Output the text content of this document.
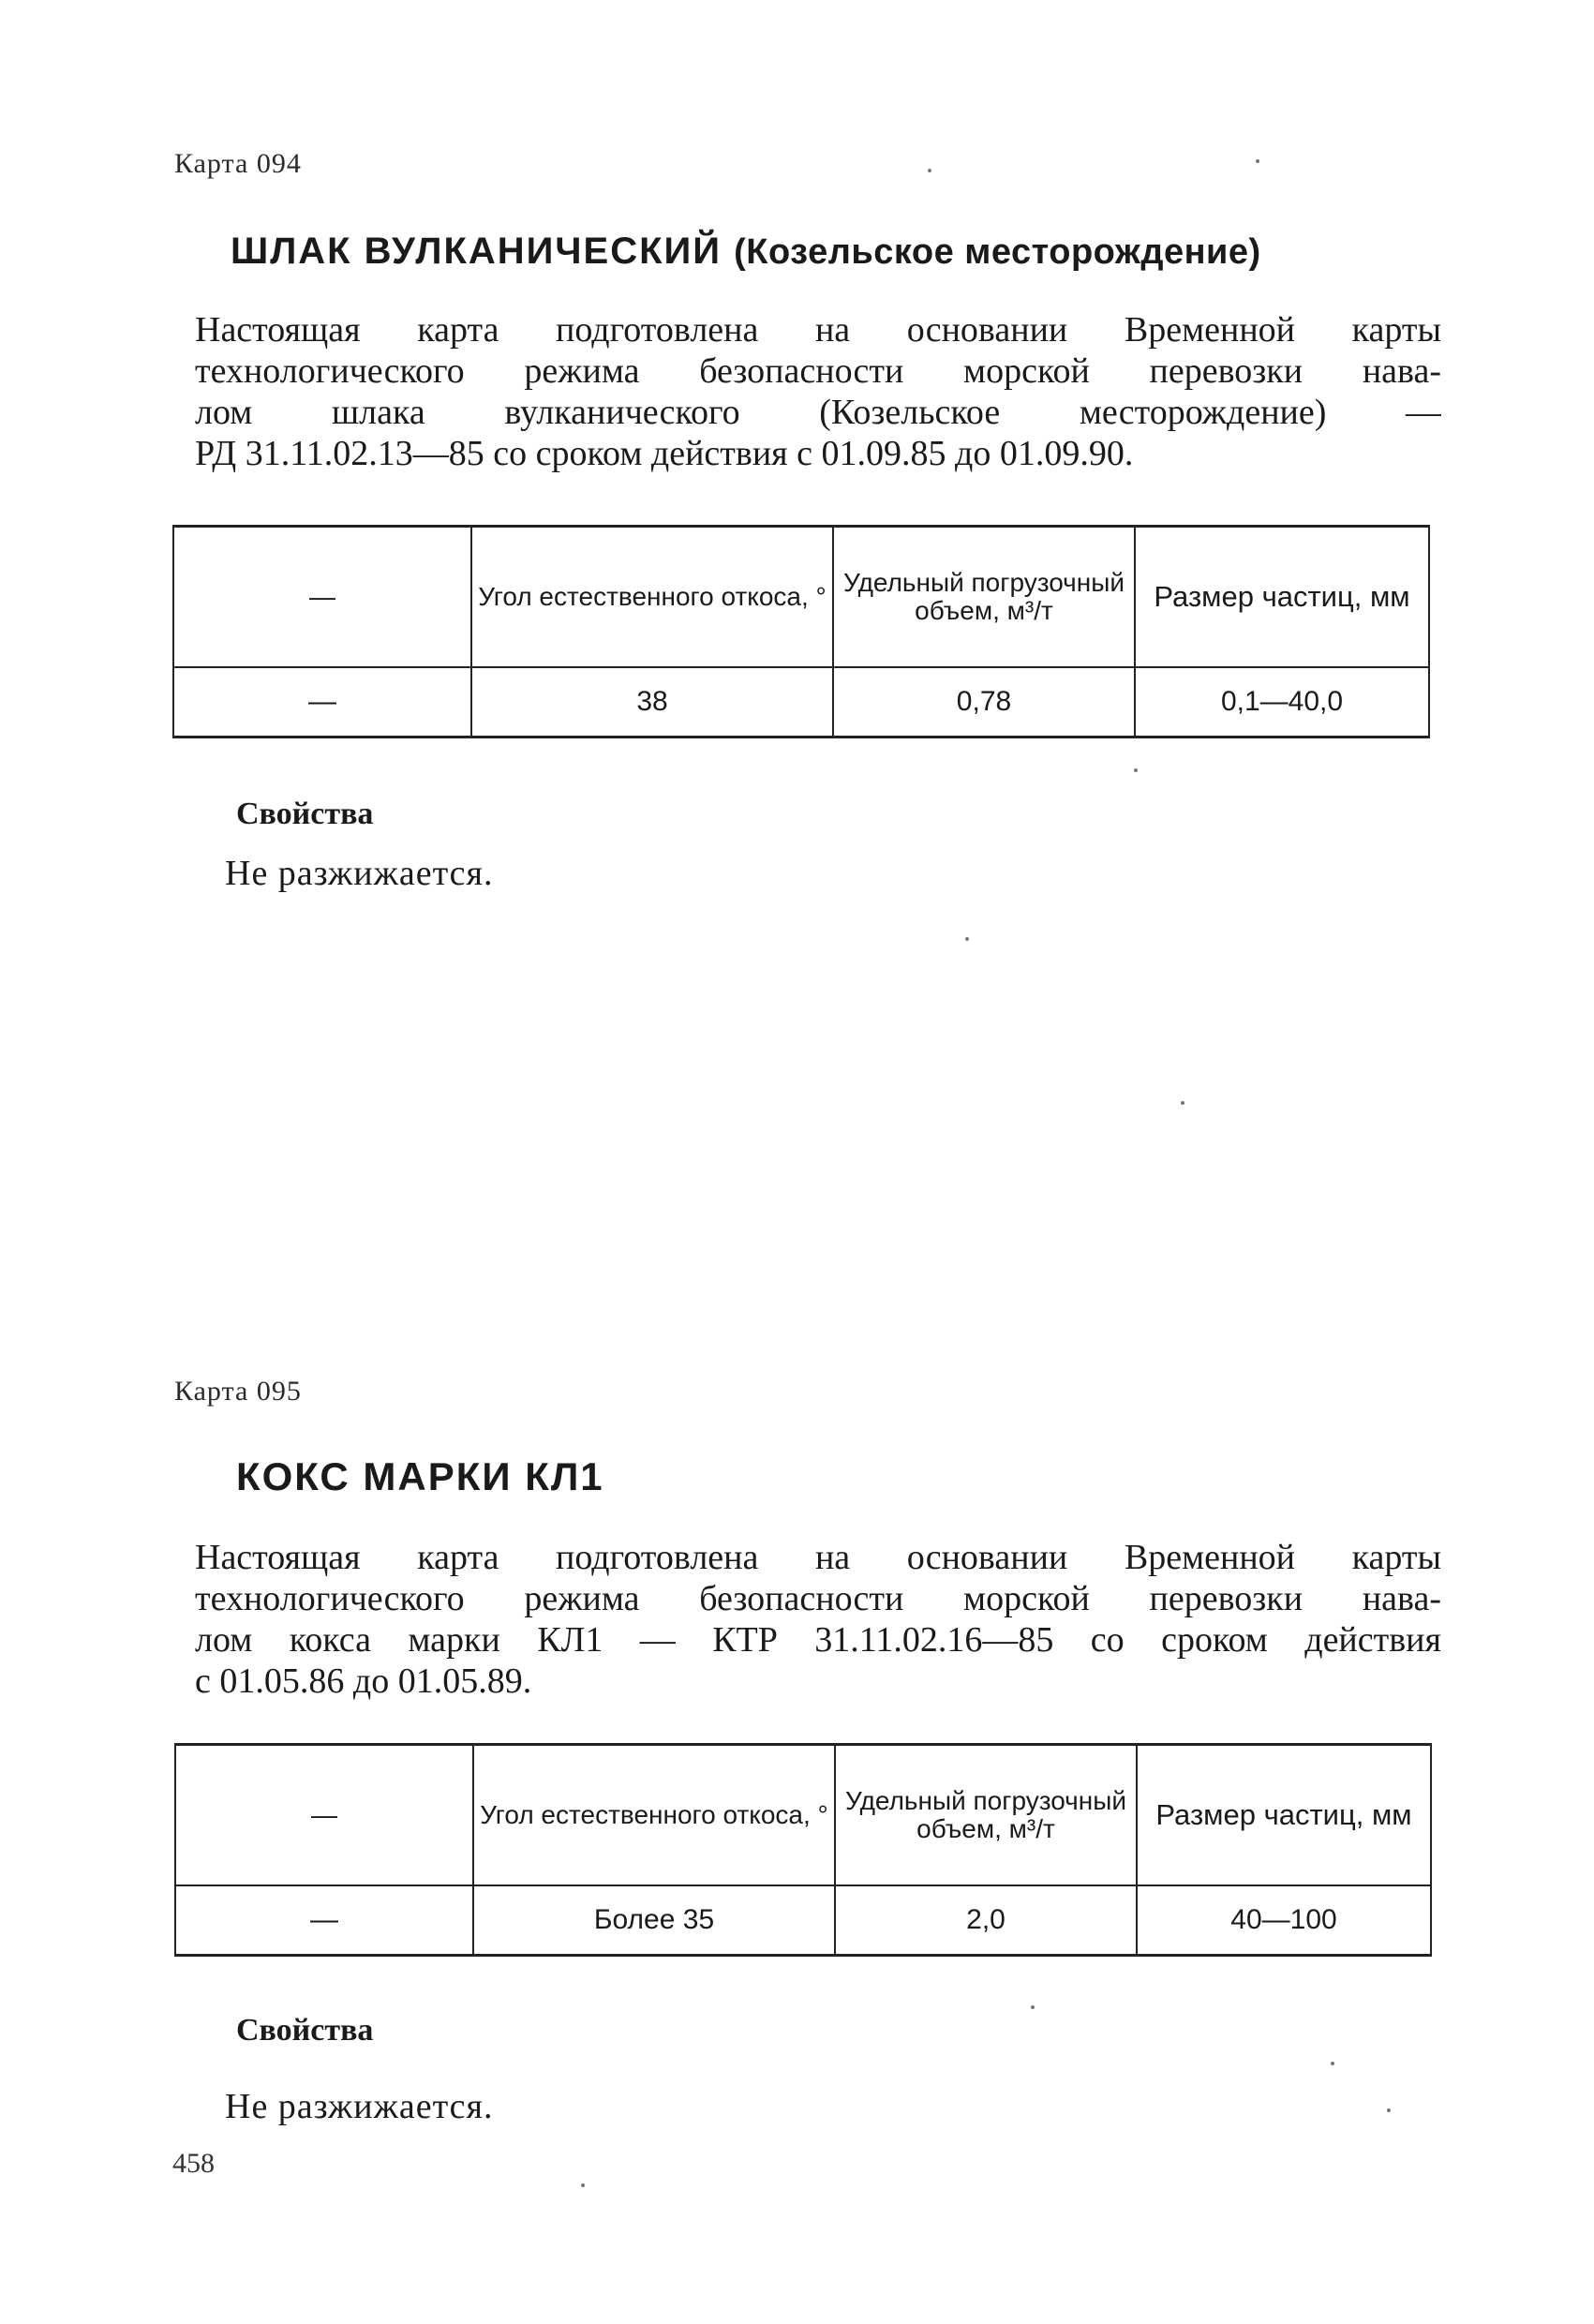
Карта 094
ШЛАК ВУЛКАНИЧЕСКИЙ (Козельское месторождение)
Настоящая карта подготовлена на основании Временной карты
технологического режима безопасности морской перевозки нава-
лом шлака вулканического (Козельское месторождение) —
РД 31.11.02.13—85 со сроком действия с 01.09.85 до 01.09.90.
—	Угол естественного откоса, °	Удельный погрузочный объем, м³/т	Размер частиц, мм
—	38	0,78	0,1—40,0
Свойства
Не разжижается.
Карта 095
КОКС МАРКИ КЛ1
Настоящая карта подготовлена на основании Временной карты
технологического режима безопасности морской перевозки нава-
лом кокса марки КЛ1 — КТР 31.11.02.16—85 со сроком действия
с 01.05.86 до 01.05.89.
—	Угол естественного откоса, °	Удельный погрузочный объем, м³/т	Размер частиц, мм
—	Более 35	2,0	40—100
Свойства
Не разжижается.
458
